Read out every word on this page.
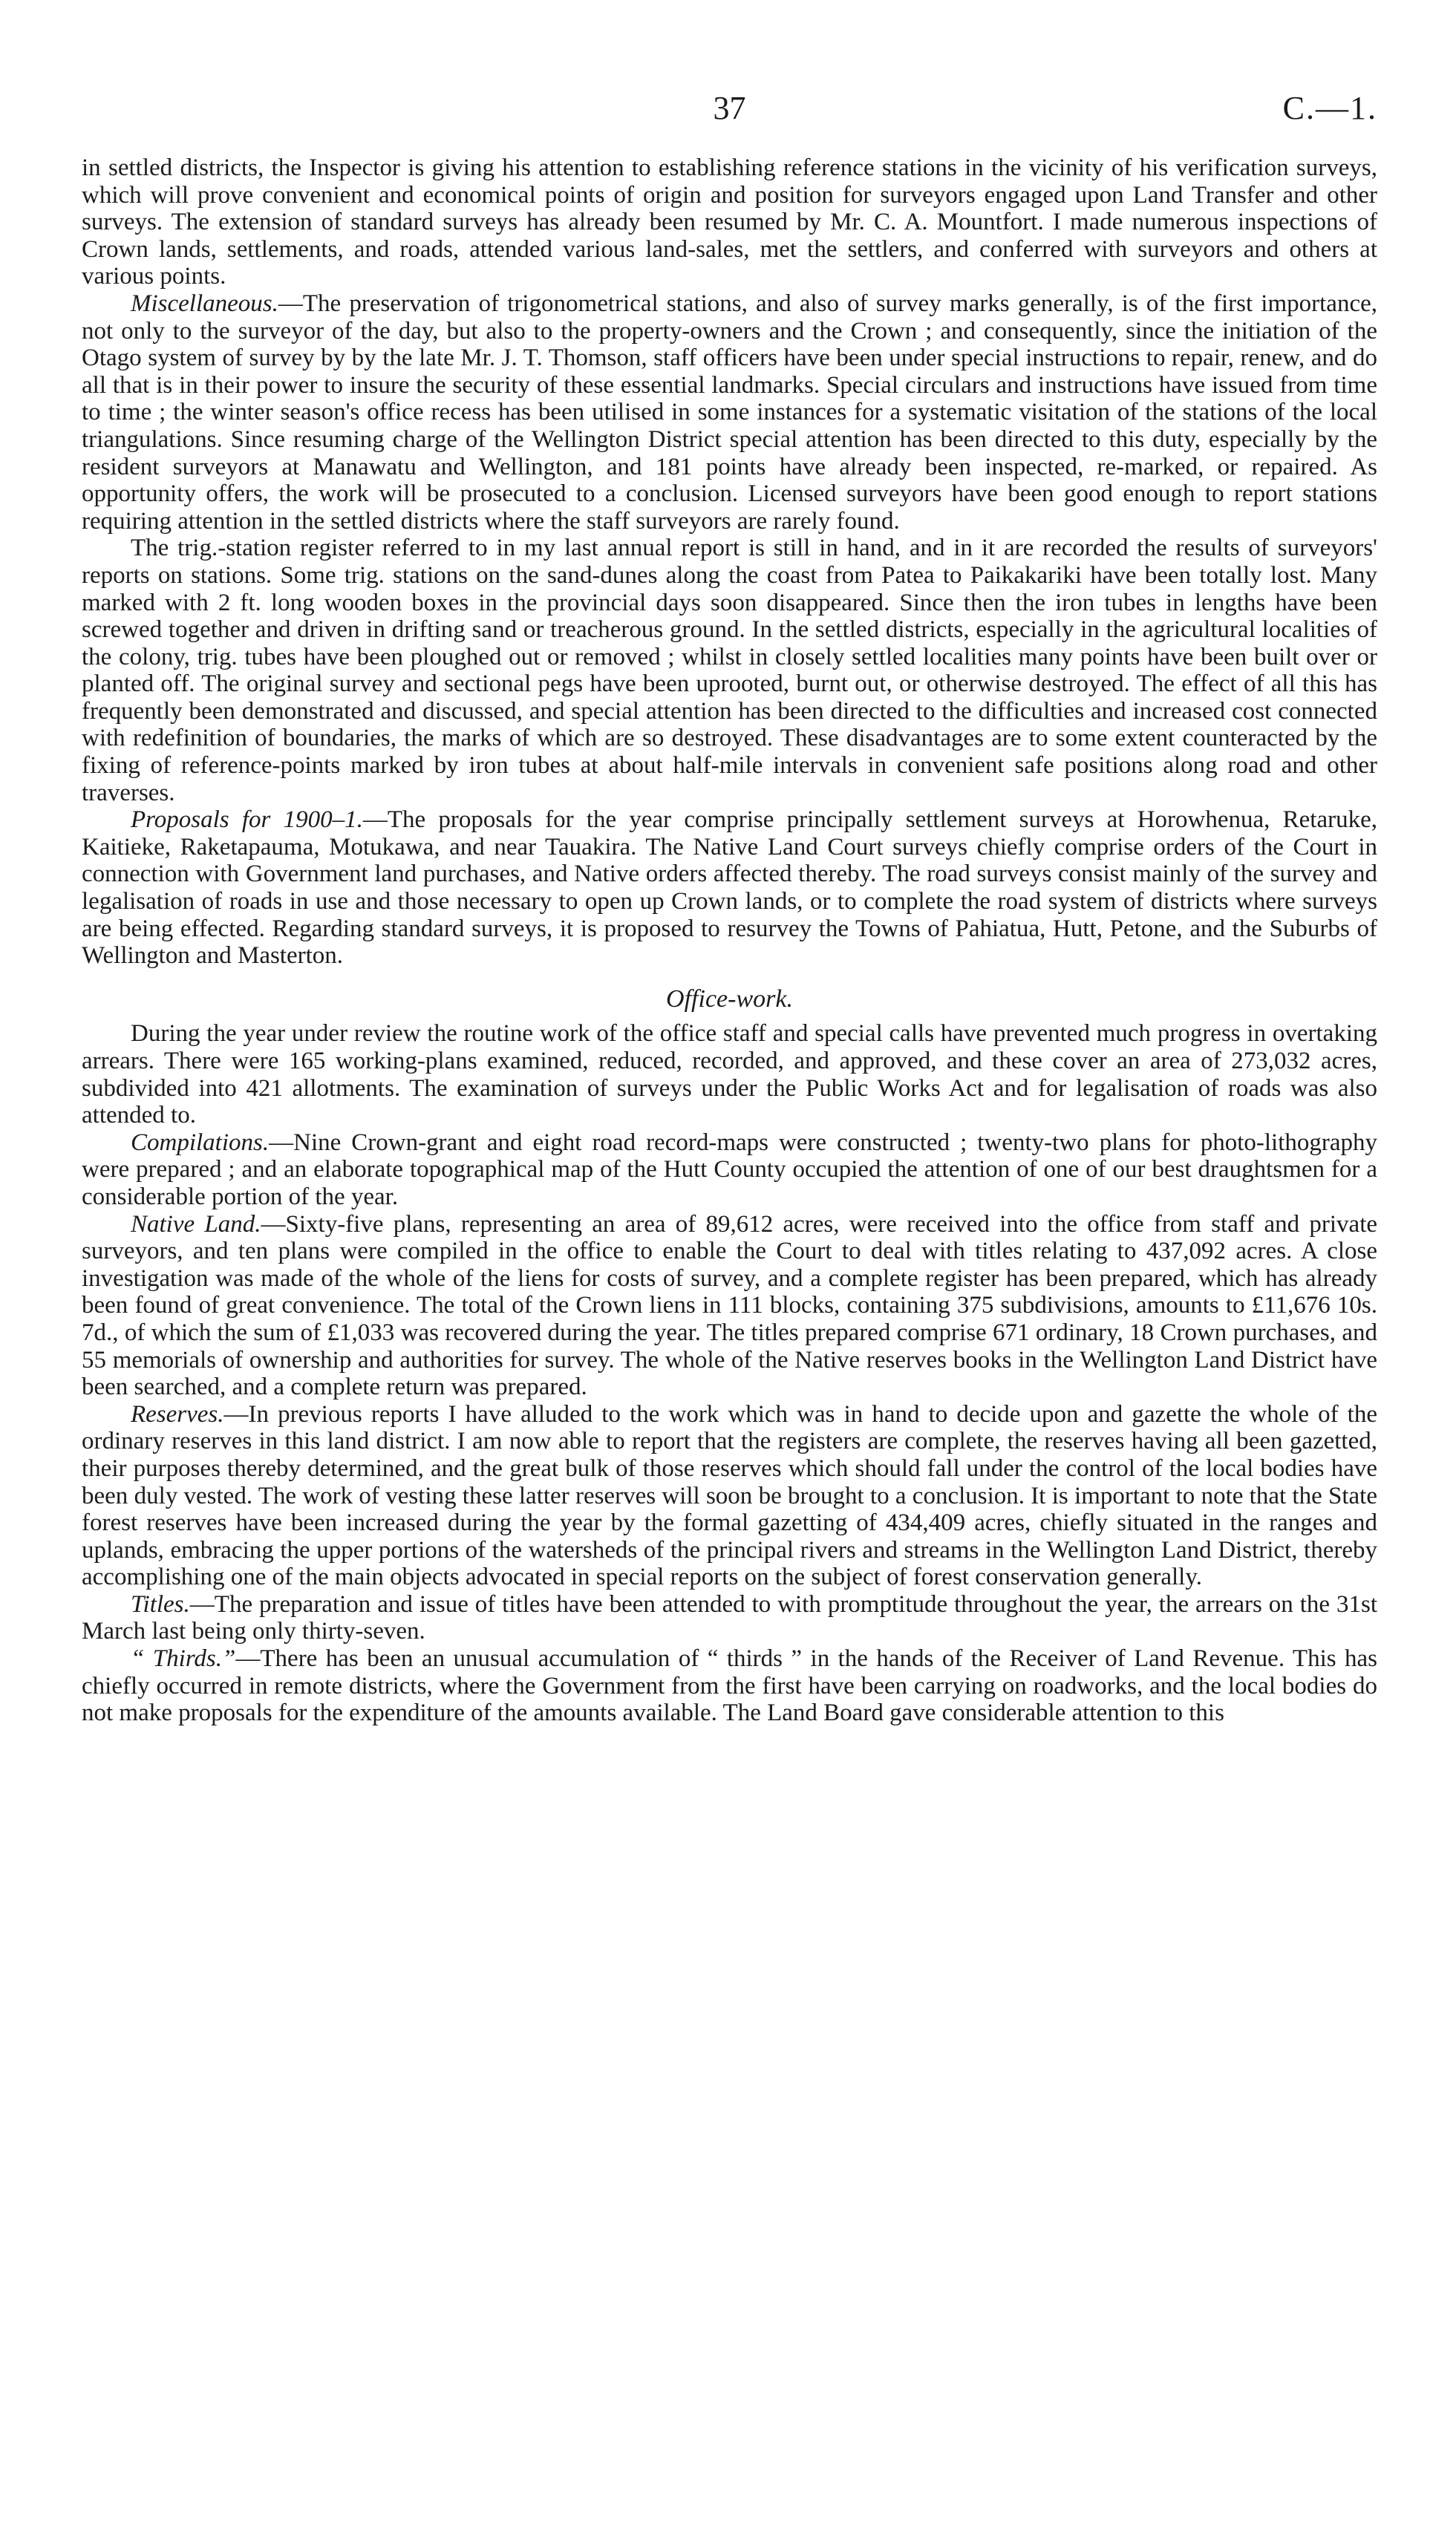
37	C.—1.

in settled districts, the Inspector is giving his attention to establishing reference stations in the vicinity of his verification surveys, which will prove convenient and economical points of origin and position for surveyors engaged upon Land Transfer and other surveys. The extension of standard surveys has already been resumed by Mr. C. A. Mountfort. I made numerous inspections of Crown lands, settlements, and roads, attended various land-sales, met the settlers, and conferred with surveyors and others at various points.

Miscellaneous.—The preservation of trigonometrical stations, and also of survey marks generally, is of the first importance, not only to the surveyor of the day, but also to the property-owners and the Crown ; and consequently, since the initiation of the Otago system of survey by by the late Mr. J. T. Thomson, staff officers have been under special instructions to repair, renew, and do all that is in their power to insure the security of these essential landmarks. Special circulars and instructions have issued from time to time ; the winter season's office recess has been utilised in some instances for a systematic visitation of the stations of the local triangulations. Since resuming charge of the Wellington District special attention has been directed to this duty, especially by the resident surveyors at Manawatu and Wellington, and 181 points have already been inspected, re-marked, or repaired. As opportunity offers, the work will be prosecuted to a conclusion. Licensed surveyors have been good enough to report stations requiring attention in the settled districts where the staff surveyors are rarely found.

The trig.-station register referred to in my last annual report is still in hand, and in it are recorded the results of surveyors' reports on stations. Some trig. stations on the sand-dunes along the coast from Patea to Paikakariki have been totally lost. Many marked with 2 ft. long wooden boxes in the provincial days soon disappeared. Since then the iron tubes in lengths have been screwed together and driven in drifting sand or treacherous ground. In the settled districts, especially in the agricultural localities of the colony, trig. tubes have been ploughed out or removed ; whilst in closely settled localities many points have been built over or planted off. The original survey and sectional pegs have been uprooted, burnt out, or otherwise destroyed. The effect of all this has frequently been demonstrated and discussed, and special attention has been directed to the difficulties and increased cost connected with redefinition of boundaries, the marks of which are so destroyed. These disadvantages are to some extent counteracted by the fixing of reference-points marked by iron tubes at about half-mile intervals in convenient safe positions along road and other traverses.

Proposals for 1900–1.—The proposals for the year comprise principally settlement surveys at Horowhenua, Retaruke, Kaitieke, Raketapauma, Motukawa, and near Tauakira. The Native Land Court surveys chiefly comprise orders of the Court in connection with Government land purchases, and Native orders affected thereby. The road surveys consist mainly of the survey and legalisation of roads in use and those necessary to open up Crown lands, or to complete the road system of districts where surveys are being effected. Regarding standard surveys, it is proposed to resurvey the Towns of Pahiatua, Hutt, Petone, and the Suburbs of Wellington and Masterton.

Office-work.

During the year under review the routine work of the office staff and special calls have prevented much progress in overtaking arrears. There were 165 working-plans examined, reduced, recorded, and approved, and these cover an area of 273,032 acres, subdivided into 421 allotments. The examination of surveys under the Public Works Act and for legalisation of roads was also attended to.

Compilations.—Nine Crown-grant and eight road record-maps were constructed ; twenty-two plans for photo-lithography were prepared ; and an elaborate topographical map of the Hutt County occupied the attention of one of our best draughtsmen for a considerable portion of the year.

Native Land.—Sixty-five plans, representing an area of 89,612 acres, were received into the office from staff and private surveyors, and ten plans were compiled in the office to enable the Court to deal with titles relating to 437,092 acres. A close investigation was made of the whole of the liens for costs of survey, and a complete register has been prepared, which has already been found of great convenience. The total of the Crown liens in 111 blocks, containing 375 subdivisions, amounts to £11,676 10s. 7d., of which the sum of £1,033 was recovered during the year. The titles prepared comprise 671 ordinary, 18 Crown purchases, and 55 memorials of ownership and authorities for survey. The whole of the Native reserves books in the Wellington Land District have been searched, and a complete return was prepared.

Reserves.—In previous reports I have alluded to the work which was in hand to decide upon and gazette the whole of the ordinary reserves in this land district. I am now able to report that the registers are complete, the reserves having all been gazetted, their purposes thereby determined, and the great bulk of those reserves which should fall under the control of the local bodies have been duly vested. The work of vesting these latter reserves will soon be brought to a conclusion. It is important to note that the State forest reserves have been increased during the year by the formal gazetting of 434,409 acres, chiefly situated in the ranges and uplands, embracing the upper portions of the watersheds of the principal rivers and streams in the Wellington Land District, thereby accomplishing one of the main objects advocated in special reports on the subject of forest conservation generally.

Titles.—The preparation and issue of titles have been attended to with promptitude throughout the year, the arrears on the 31st March last being only thirty-seven.

“ Thirds.”—There has been an unusual accumulation of “ thirds ” in the hands of the Receiver of Land Revenue. This has chiefly occurred in remote districts, where the Government from the first have been carrying on roadworks, and the local bodies do not make proposals for the expenditure of the amounts available. The Land Board gave considerable attention to this
